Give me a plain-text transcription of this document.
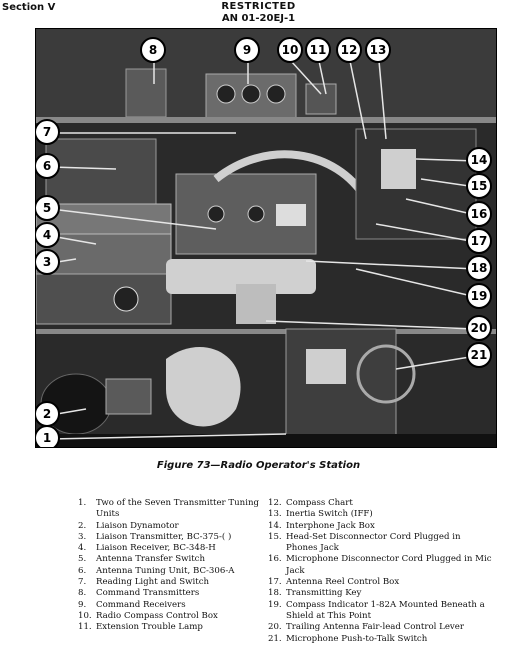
Section V	RESTRICTED
AN 01-20EJ-1
8	9	10 11 12 13
7
6
5
4
3
14
15
16
17
18
19
20
21
2
1
Figure 73—Radio Operator's Station
1.	Two of the Seven Transmitter Tuning Units
2.	Liaison Dynamotor
3.	Liaison Transmitter, BC-375-( )
4.	Liaison Receiver, BC-348-H
5.	Antenna Transfer Switch
6.	Antenna Tuning Unit, BC-306-A
7.	Reading Light and Switch
8.	Command Transmitters
9.	Command Receivers
10. Radio Compass Control Box
11. Extension Trouble Lamp
12. Compass Chart
13. Inertia Switch (IFF)
14. Interphone Jack Box
15. Head-Set Disconnector Cord Plugged in Phones Jack
16. Microphone Disconnector Cord Plugged in Mic Jack
17. Antenna Reel Control Box
18. Transmitting Key
19. Compass Indicator 1-82A Mounted Beneath a Shield at This Point
20. Trailing Antenna Fair-lead Control Lever
21. Microphone Push-to-Talk Switch
